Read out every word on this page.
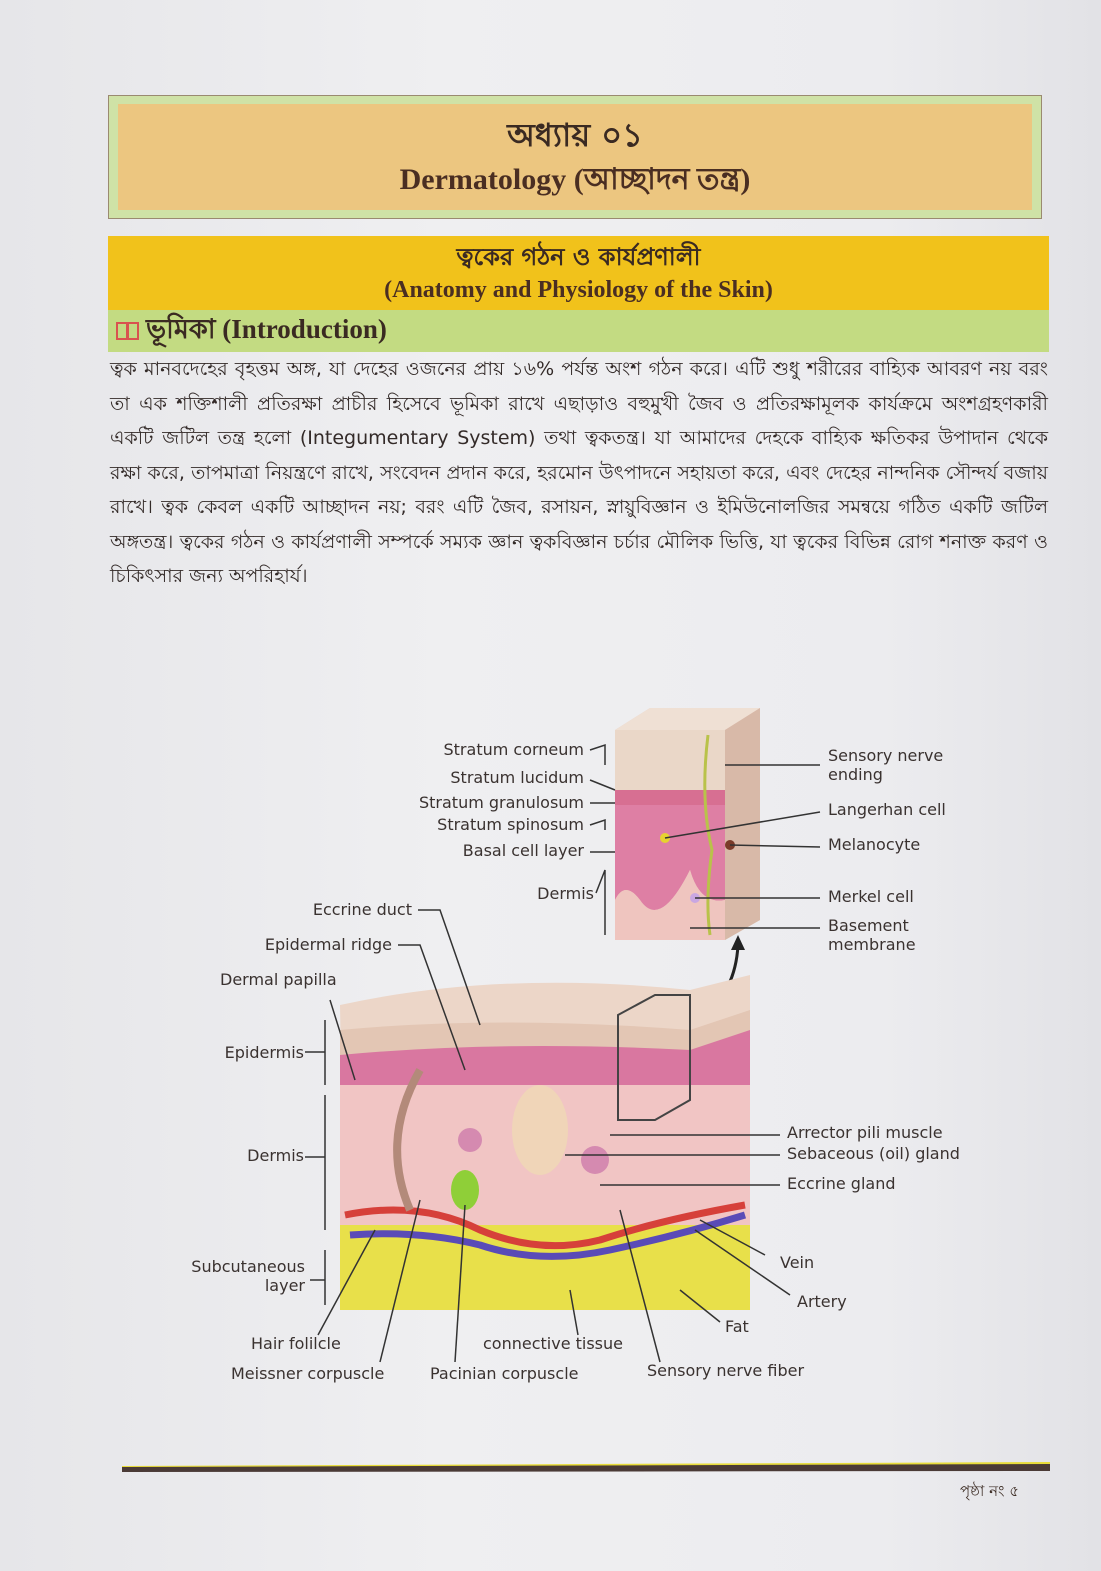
অধ্যায় ০১
Dermatology (আচ্ছাদন তন্ত্র)
ত্বকের গঠন ও কার্যপ্রণালী
(Anatomy and Physiology of the Skin)
ভূমিকা (Introduction)
ত্বক মানবদেহের বৃহত্তম অঙ্গ, যা দেহের ওজনের প্রায় ১৬% পর্যন্ত অংশ গঠন করে। এটি শুধু শরীরের বাহ্যিক আবরণ নয় বরং তা এক শক্তিশালী প্রতিরক্ষা প্রাচীর হিসেবে ভূমিকা রাখে এছাড়াও বহুমুখী জৈব ও প্রতিরক্ষামূলক কার্যক্রমে অংশগ্রহণকারী একটি জটিল তন্ত্র হলো (Integumentary System) তথা ত্বকতন্ত্র। যা আমাদের দেহকে বাহ্যিক ক্ষতিকর উপাদান থেকে রক্ষা করে, তাপমাত্রা নিয়ন্ত্রণে রাখে, সংবেদন প্রদান করে, হরমোন উৎপাদনে সহায়তা করে, এবং দেহের নান্দনিক সৌন্দর্য বজায় রাখে। ত্বক কেবল একটি আচ্ছাদন নয়; বরং এটি জৈব, রসায়ন, স্নায়ুবিজ্ঞান ও ইমিউনোলজির সমন্বয়ে গঠিত একটি জটিল অঙ্গতন্ত্র। ত্বকের গঠন ও কার্যপ্রণালী সম্পর্কে সম্যক জ্ঞান ত্বকবিজ্ঞান চর্চার মৌলিক ভিত্তি, যা ত্বকের বিভিন্ন রোগ শনাক্ত করণ ও চিকিৎসার জন্য অপরিহার্য।
Stratum corneum
Stratum lucidum
Stratum granulosum
Stratum spinosum
Basal cell layer
Dermis
Sensory nerve ending
Langerhan cell
Melanocyte
Merkel cell
Basement membrane
Eccrine duct
Epidermal ridge
Dermal papilla
Epidermis
Dermis
Subcutaneous layer
Arrector pili muscle
Sebaceous (oil) gland
Eccrine gland
Vein
Artery
Fat
Hair folilcle
Meissner corpuscle
connective tissue
Pacinian corpuscle	Sensory nerve fiber
পৃষ্ঠা নং ৫
